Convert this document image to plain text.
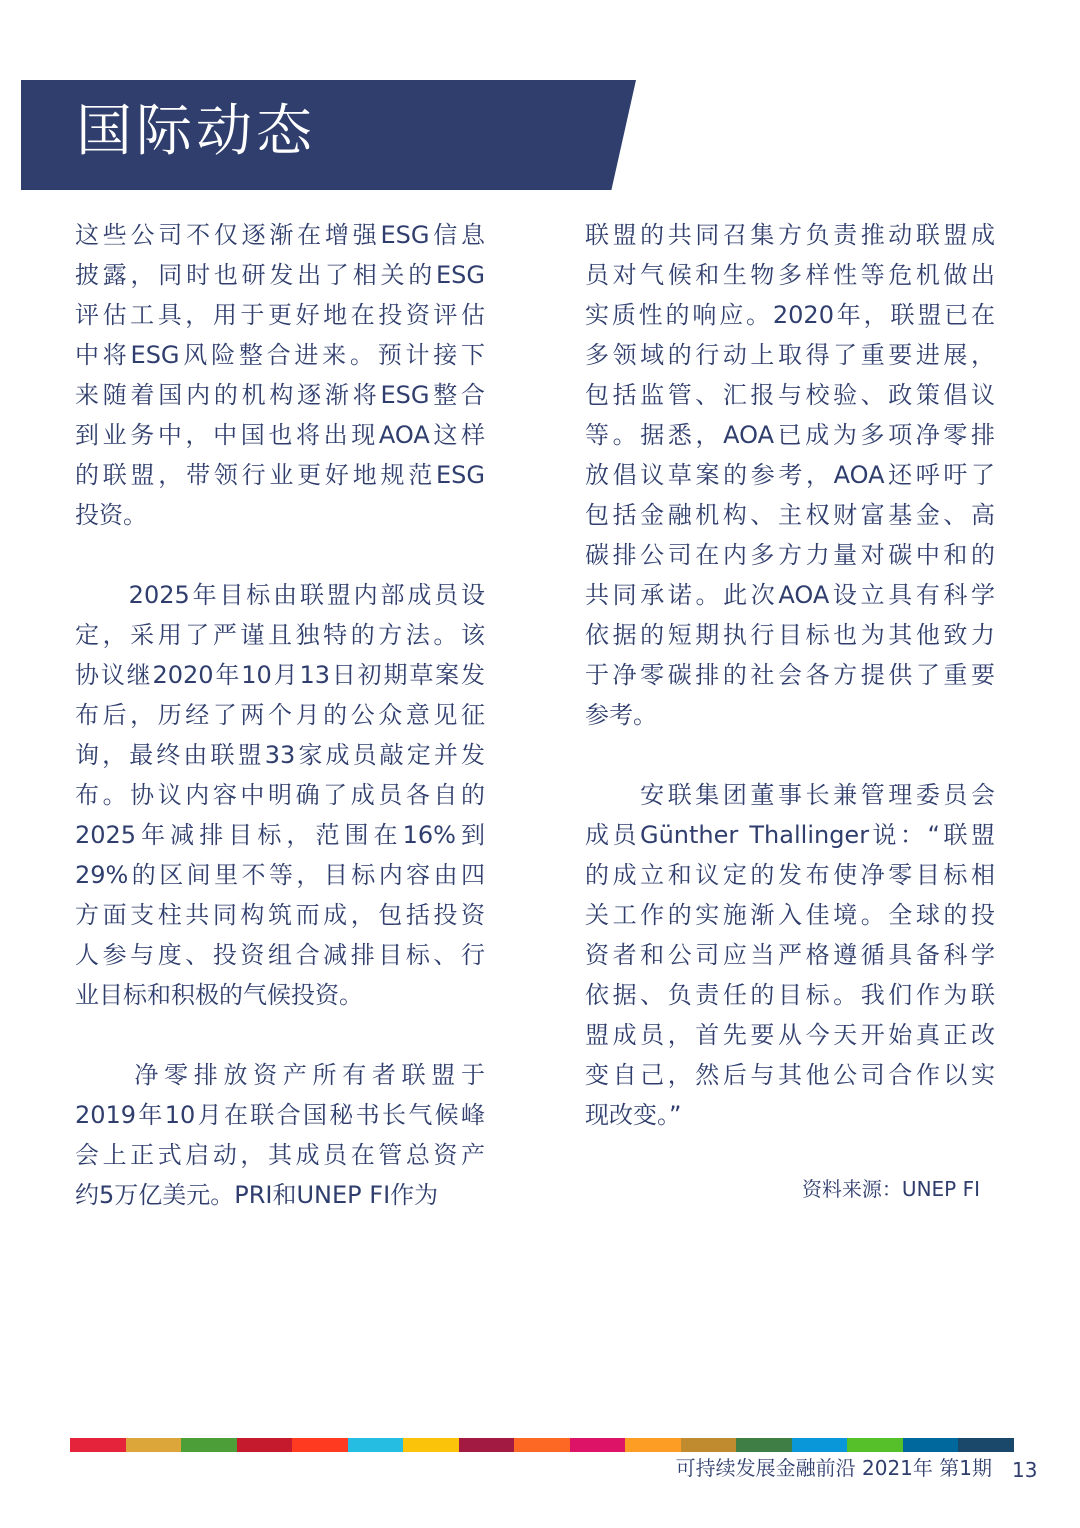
国际动态
这些公司不仅逐渐在增强ESG信息
披露，同时也研发出了相关的ESG
评估工具，用于更好地在投资评估
中将ESG风险整合进来。预计接下
来随着国内的机构逐渐将ESG整合
到业务中，中国也将出现AOA这样
的联盟，带领行业更好地规范ESG
投资。
　　2025年目标由联盟内部成员设
定，采用了严谨且独特的方法。该
协议继2020年10月13日初期草案发
布后，历经了两个月的公众意见征
询，最终由联盟33家成员敲定并发
布。协议内容中明确了成员各自的
2025年减排目标，范围在16%到
29%的区间里不等，目标内容由四
方面支柱共同构筑而成，包括投资
人参与度、投资组合减排目标、行
业目标和积极的气候投资。
　　净零排放资产所有者联盟于
2019年10月在联合国秘书长气候峰
会上正式启动，其成员在管总资产
约5万亿美元。PRI和UNEP FI作为
联盟的共同召集方负责推动联盟成
员对气候和生物多样性等危机做出
实质性的响应。2020年，联盟已在
多领域的行动上取得了重要进展，
包括监管、汇报与校验、政策倡议
等。据悉，AOA已成为多项净零排
放倡议草案的参考，AOA还呼吁了
包括金融机构、主权财富基金、高
碳排公司在内多方力量对碳中和的
共同承诺。此次AOA设立具有科学
依据的短期执行目标也为其他致力
于净零碳排的社会各方提供了重要
参考。
　　安联集团董事长兼管理委员会
成员Günther Thallinger说：“联盟
的成立和议定的发布使净零目标相
关工作的实施渐入佳境。全球的投
资者和公司应当严格遵循具备科学
依据、负责任的目标。我们作为联
盟成员，首先要从今天开始真正改
变自己，然后与其他公司合作以实
现改变。”
资料来源：UNEP FI
可持续发展金融前沿 2021年 第1期 13
